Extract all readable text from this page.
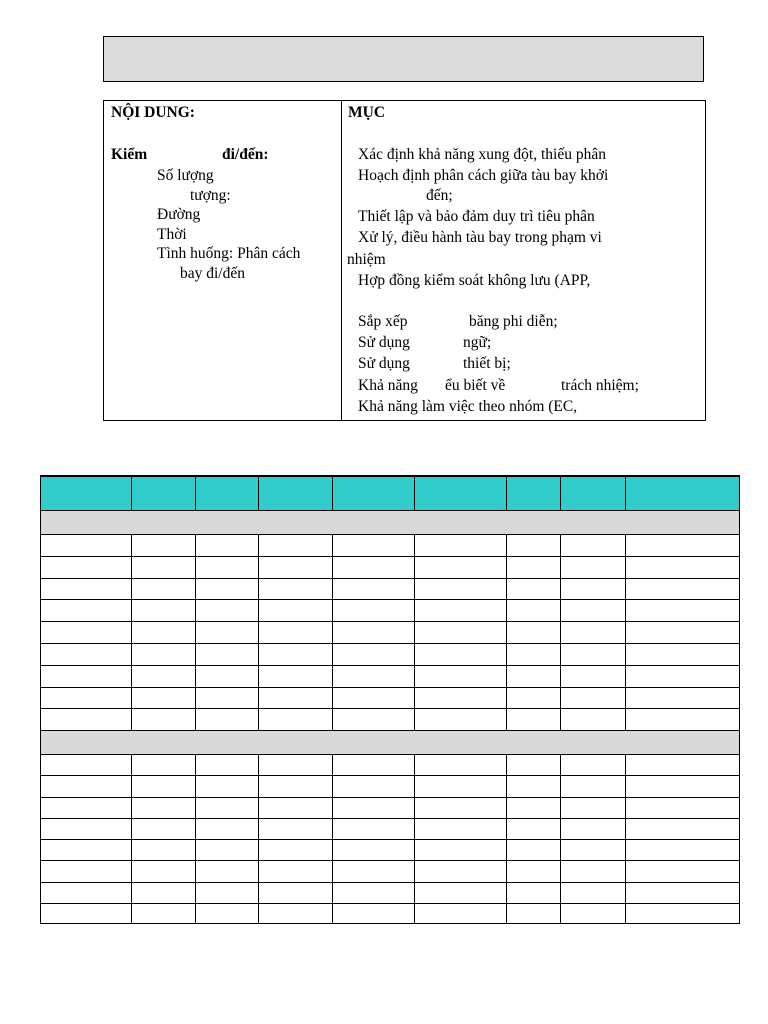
NỘI DUNG:
Kiểm	đi/đến:
Số lượng
tượng:
Đường
Thời
Tình huống: Phân cách
bay đi/đến
MỤC
Xác định khả năng xung đột, thiếu phân
Hoạch định phân cách giữa tàu bay khởi
đến;
Thiết lập và bảo đảm duy trì tiêu phân
Xử lý, điều hành tàu bay trong phạm vi
nhiệm
Hợp đồng kiểm soát không lưu (APP,
Sắp xếp	băng phi diễn;
Sử dụng	ngữ;
Sử dụng	thiết bị;
Khả năng ểu biết về	trách nhiệm;
Khả năng làm việc theo nhóm (EC,
